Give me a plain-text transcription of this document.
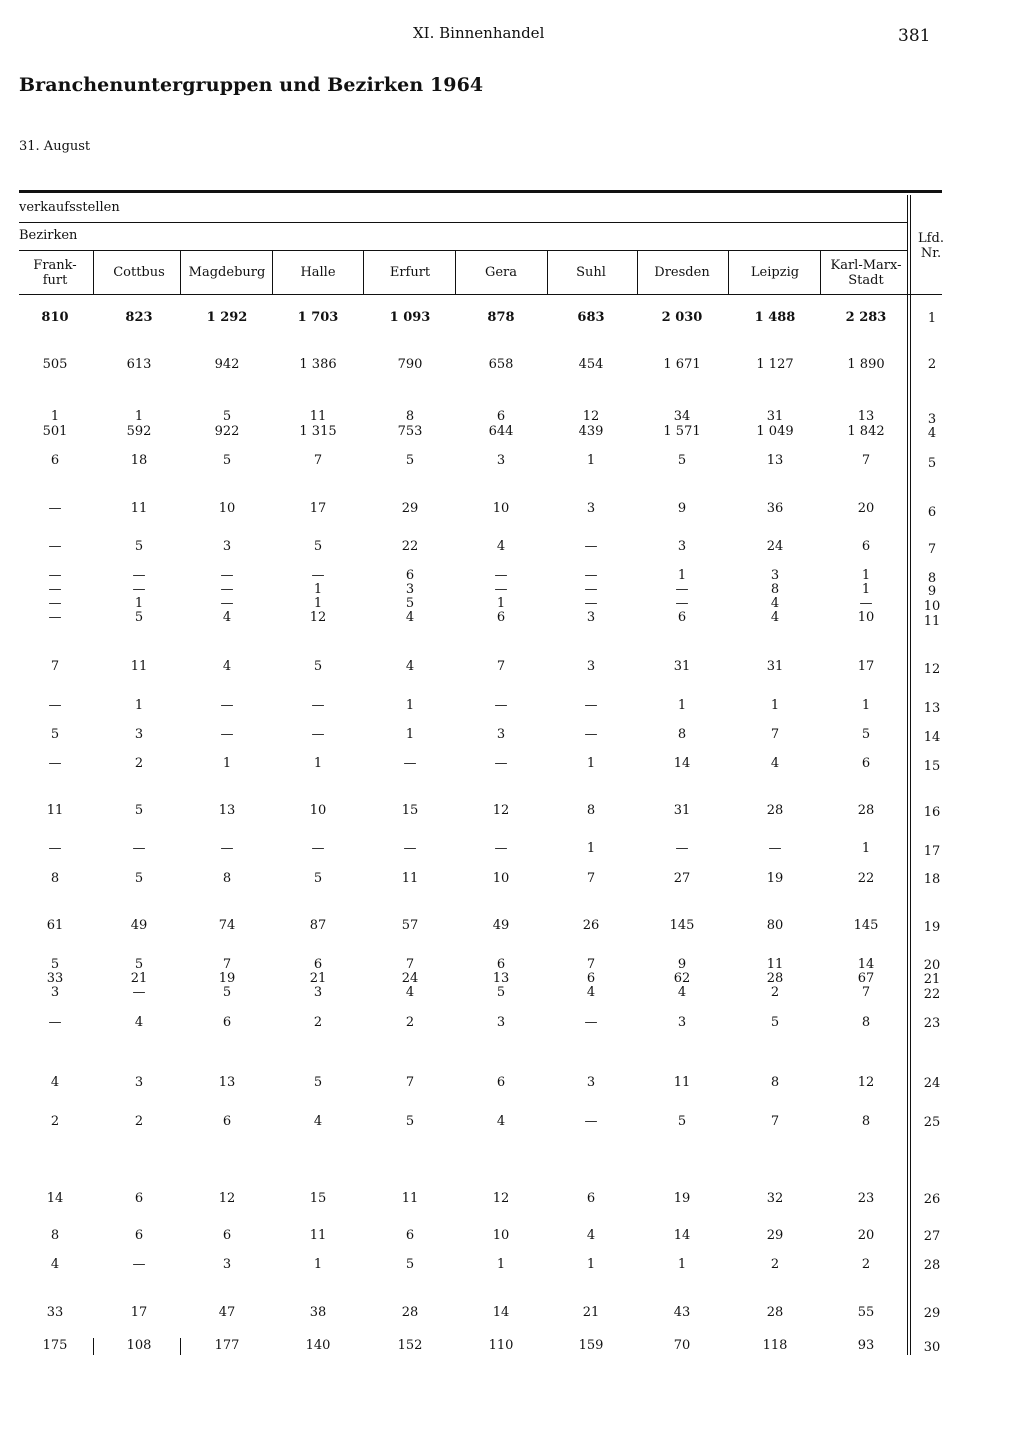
XI. Binnenhandel	381
Branchenuntergruppen und Bezirken 1964
31. August
verkaufsstellen
Bezirken	Lfd. Nr.
Frank-
furt
Cottbus	Magdeburg	Halle	Erfurt	Gera	Suhl	Dresden	Leipzig	Karl-Marx-
Stadt
810	823	1 292	1 703	1 093	878	683	2 030	1 488	2 283	1
505	613	942	1 386	790	658	454	1 671	1 127	1 890	2
1	1	5	11	8	6	12	34	31	13	3
501	592	922	1 315	753	644	439	1 571	1 049	1 842	4
6	18	5	7	5	3	1	5	13	7	5
—	11	10	17	29	10	3	9	36	20	6
—	5	3	5	22	4	—	3	24	6	7
—	—	—	—	6	—	—	1	3	1	8
—	—	—	1	3	—	—	—	8	1	9
—	1	—	1	5	1	—	—	4	—	10
—	5	4	12	4	6	3	6	4	10	11
7	11	4	5	4	7	3	31	31	17	12
—	1	—	—	1	—	—	1	1	1	13
5	3	—	—	1	3	—	8	7	5	14
—	2	1	1	—	—	1	14	4	6	15
11	5	13	10	15	12	8	31	28	28	16
—	—	—	—	—	—	1	—	—	1	17
8	5	8	5	11	10	7	27	19	22	18
61	49	74	87	57	49	26	145	80	145	19
5	5	7	6	7	6	7	9	11	14	20
33	21	19	21	24	13	6	62	28	67	21
3	—	5	3	4	5	4	4	2	7	22
—	4	6	2	2	3	—	3	5	8	23
4	3	13	5	7	6	3	11	8	12	24
2	2	6	4	5	4	—	5	7	8	25
14	6	12	15	11	12	6	19	32	23	26
8	6	6	11	6	10	4	14	29	20	27
4	—	3	1	5	1	1	1	2	2	28
33	17	47	38	28	14	21	43	28	55	29
175	108	177	140	152	110	159	70	118	93	30
